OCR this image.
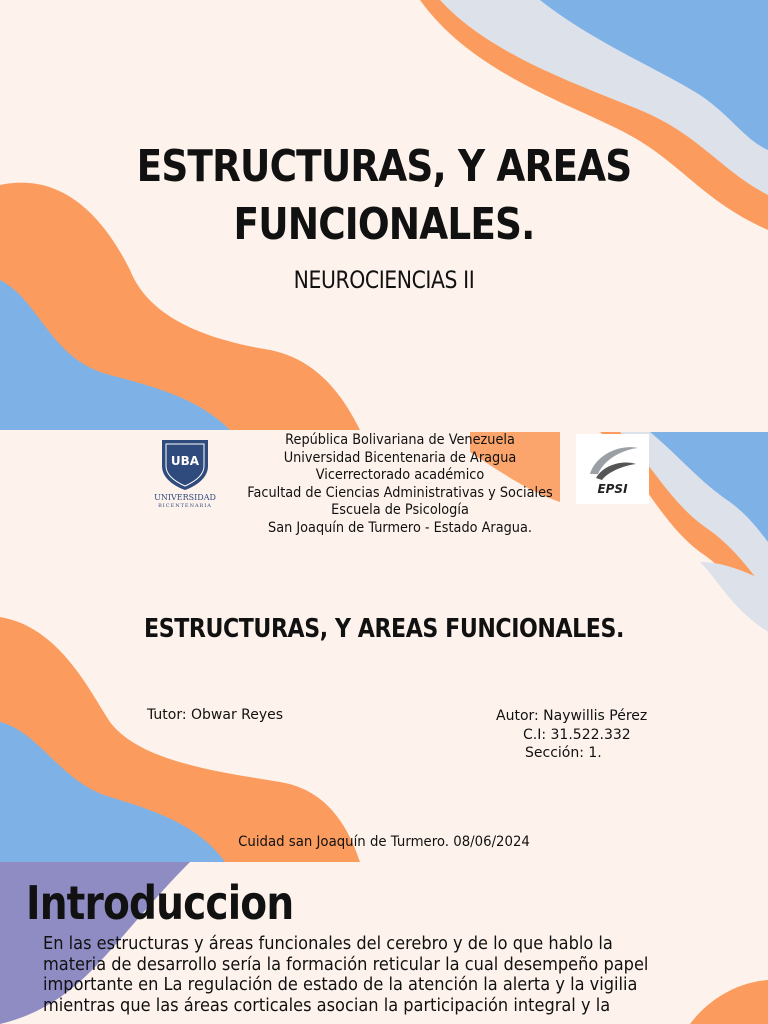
ESTRUCTURAS, Y AREAS
FUNCIONALES.
NEUROCIENCIAS II
UBA
UNIVERSIDAD
BICENTENARIA
República Bolivariana de Venezuela
Universidad Bicentenaria de Aragua
Vicerrectorado académico
Facultad de Ciencias Administrativas y Sociales
Escuela de Psicología
San Joaquín de Turmero - Estado Aragua.
EPSI
ESTRUCTURAS, Y AREAS FUNCIONALES.
Tutor: Obwar Reyes	Autor: Naywillis Pérez
C.I: 31.522.332
Sección: 1.
Cuidad san Joaquín de Turmero. 08/06/2024
Introduccion
En las estructuras y áreas funcionales del cerebro y de lo que hablo la materia de desarrollo sería la formación reticular la cual desempeño papel importante en La regulación de estado de la atención la alerta y la vigilia mientras que las áreas corticales asocian la participación integral y la
